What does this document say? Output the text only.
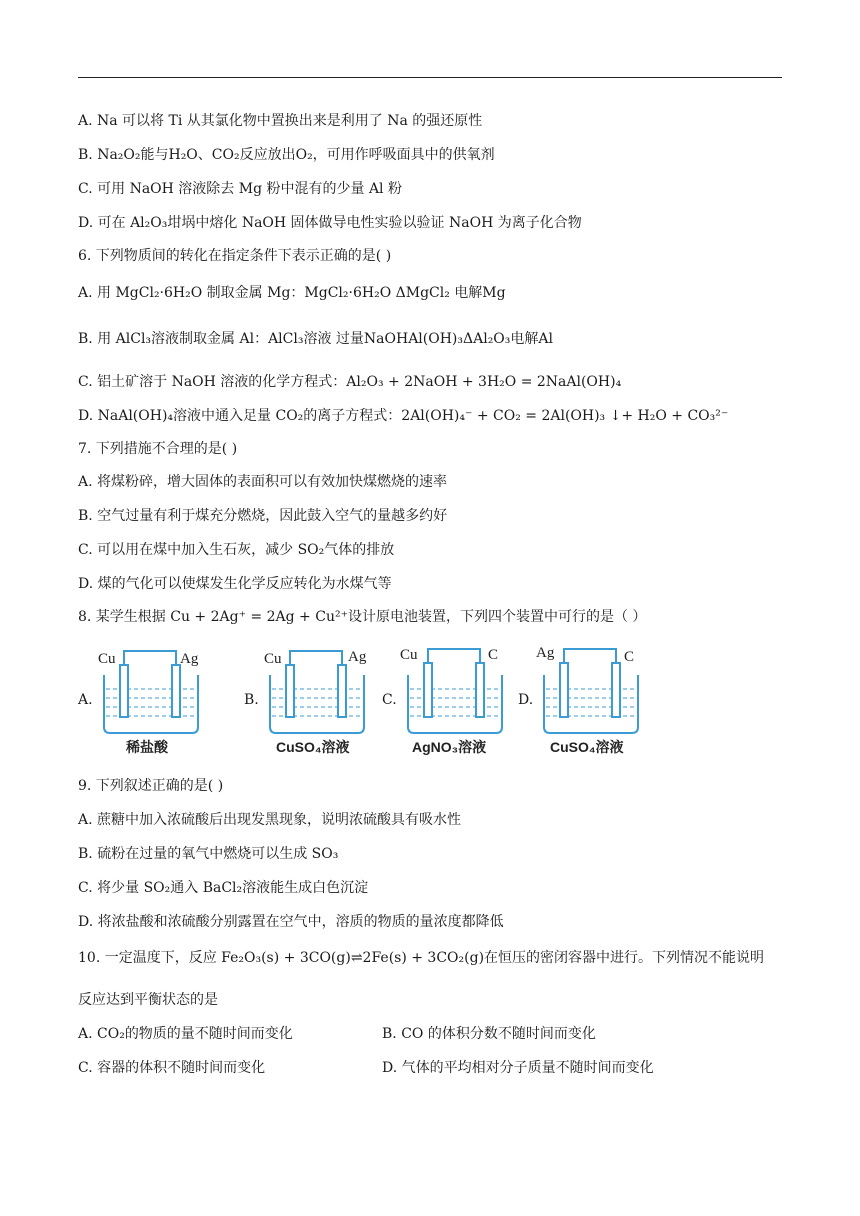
A. Na 可以将 Ti 从其氯化物中置换出来是利用了 Na 的强还原性
B. Na₂O₂能与H₂O、CO₂反应放出O₂，可用作呼吸面具中的供氧剂
C. 可用 NaOH 溶液除去 Mg 粉中混有的少量 Al 粉
D. 可在 Al₂O₃坩埚中熔化 NaOH 固体做导电性实验以验证 NaOH 为离子化合物
6. 下列物质间的转化在指定条件下表示正确的是( )
A. 用 MgCl₂·6H₂O 制取金属 Mg：MgCl₂·6H₂O ΔMgCl₂ 电解Mg
B. 用 AlCl₃溶液制取金属 Al：AlCl₃溶液 过量NaOHAl(OH)₃ΔAl₂O₃电解Al
C. 铝土矿溶于 NaOH 溶液的化学方程式：Al₂O₃ + 2NaOH + 3H₂O = 2NaAl(OH)₄
D. NaAl(OH)₄溶液中通入足量 CO₂的离子方程式：2Al(OH)₄⁻ + CO₂ = 2Al(OH)₃ ↓+ H₂O + CO₃²⁻
7. 下列措施不合理的是( )
A. 将煤粉碎，增大固体的表面积可以有效加快煤燃烧的速率
B. 空气过量有利于煤充分燃烧，因此鼓入空气的量越多约好
C. 可以用在煤中加入生石灰，减少 SO₂气体的排放
D. 煤的气化可以使煤发生化学反应转化为水煤气等
8. 某学生根据 Cu + 2Ag⁺ = 2Ag + Cu²⁺设计原电池装置，下列四个装置中可行的是（ ）
A.
Cu	Ag
稀盐酸
B.
Cu	Ag
CuSO₄溶液
C.
Cu	C
AgNO₃溶液
D.
Ag	C
CuSO₄溶液
9. 下列叙述正确的是( )
A. 蔗糖中加入浓硫酸后出现发黑现象，说明浓硫酸具有吸水性
B. 硫粉在过量的氧气中燃烧可以生成 SO₃
C. 将少量 SO₂通入 BaCl₂溶液能生成白色沉淀
D. 将浓盐酸和浓硫酸分别露置在空气中，溶质的物质的量浓度都降低
10. 一定温度下，反应 Fe₂O₃(s) + 3CO(g)⇌2Fe(s) + 3CO₂(g)在恒压的密闭容器中进行。下列情况不能说明
反应达到平衡状态的是
A. CO₂的物质的量不随时间而变化	B. CO 的体积分数不随时间而变化
C. 容器的体积不随时间而变化	D. 气体的平均相对分子质量不随时间而变化
